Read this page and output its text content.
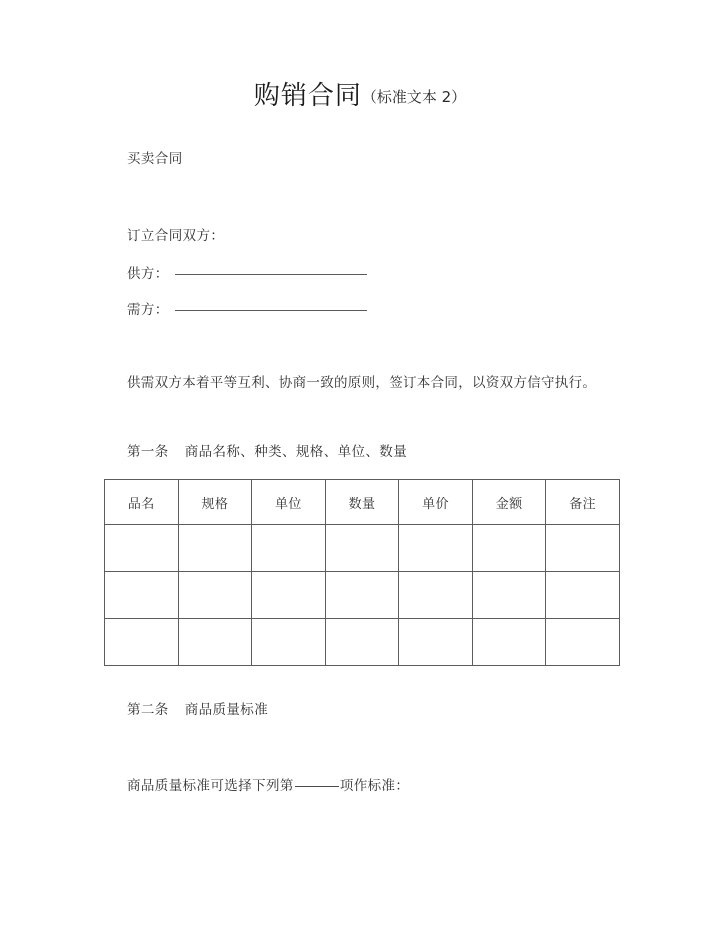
购销合同（标准文本 2）
买卖合同
订立合同双方：
供方：
需方：
供需双方本着平等互利、协商一致的原则，签订本合同，以资双方信守执行。
第一条 商品名称、种类、规格、单位、数量
品名	规格	单位	数量	单价	金额	备注

第二条 商品质量标准
商品质量标准可选择下列第	项作标准：
